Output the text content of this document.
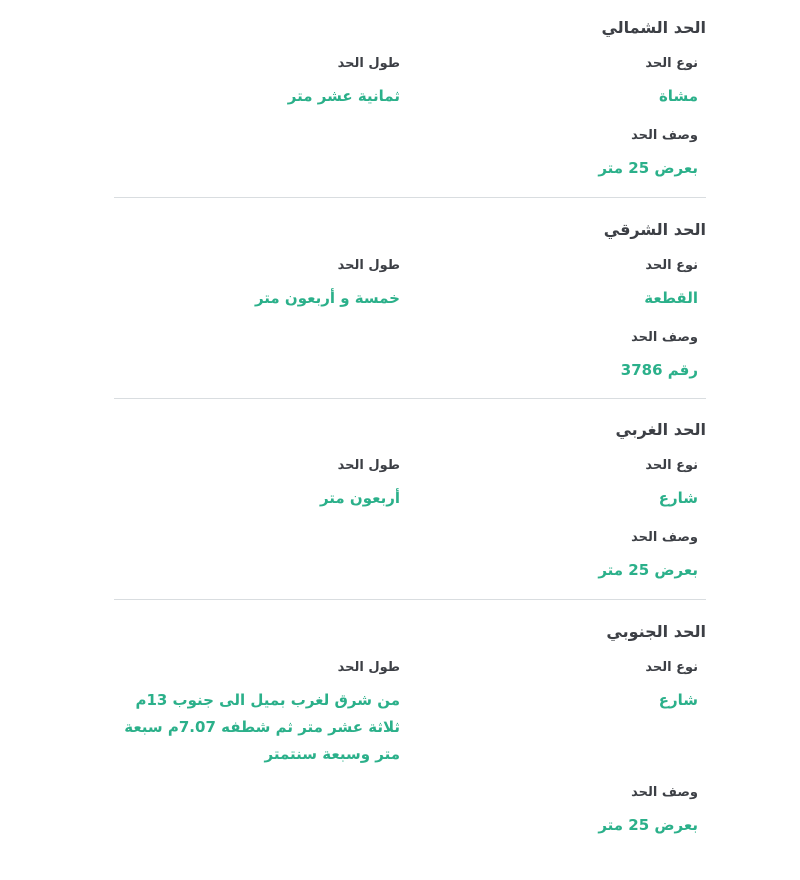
الحد الشمالي
نوع الحد
مشاة
طول الحد
ثمانية عشر متر
وصف الحد
بعرض 25 متر
الحد الشرقي
نوع الحد
القطعة
طول الحد
خمسة و أربعون متر
وصف الحد
رقم 3786
الحد الغربي
نوع الحد
شارع
طول الحد
أربعون متر
وصف الحد
بعرض 25 متر
الحد الجنوبي
نوع الحد
شارع
طول الحد
من شرق لغرب بميل الى جنوب 13م ثلاثة عشر متر ثم شطفه 7.07م سبعة متر وسبعة سنتمتر
وصف الحد
بعرض 25 متر
